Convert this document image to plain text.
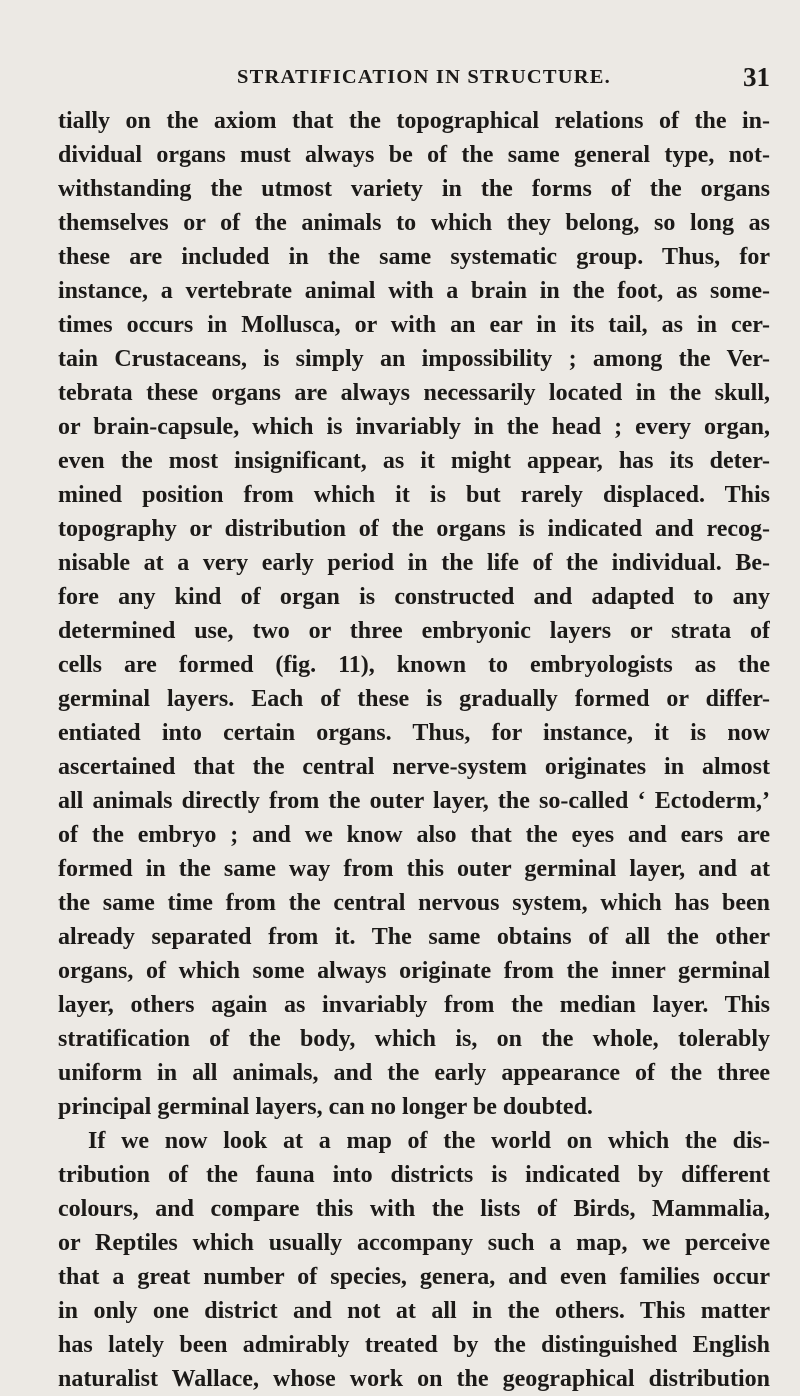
STRATIFICATION IN STRUCTURE.	31
tially on the axiom that the topographical relations of the in-
dividual organs must always be of the same general type, not-
withstanding the utmost variety in the forms of the organs
themselves or of the animals to which they belong, so long as
these are included in the same systematic group. Thus, for
instance, a vertebrate animal with a brain in the foot, as some-
times occurs in Mollusca, or with an ear in its tail, as in cer-
tain Crustaceans, is simply an impossibility ; among the Ver-
tebrata these organs are always necessarily located in the skull,
or brain-capsule, which is invariably in the head ; every organ,
even the most insignificant, as it might appear, has its deter-
mined position from which it is but rarely displaced. This
topography or distribution of the organs is indicated and recog-
nisable at a very early period in the life of the individual. Be-
fore any kind of organ is constructed and adapted to any
determined use, two or three embryonic layers or strata of
cells are formed (fig. 11), known to embryologists as the
germinal layers. Each of these is gradually formed or differ-
entiated into certain organs. Thus, for instance, it is now
ascertained that the central nerve-system originates in almost
all animals directly from the outer layer, the so-called ‘ Ectoderm,’
of the embryo ; and we know also that the eyes and ears are
formed in the same way from this outer germinal layer, and at
the same time from the central nervous system, which has been
already separated from it. The same obtains of all the other
organs, of which some always originate from the inner germinal
layer, others again as invariably from the median layer. This
stratification of the body, which is, on the whole, tolerably
uniform in all animals, and the early appearance of the three
principal germinal layers, can no longer be doubted.
If we now look at a map of the world on which the dis-
tribution of the fauna into districts is indicated by different
colours, and compare this with the lists of Birds, Mammalia,
or Reptiles which usually accompany such a map, we perceive
that a great number of species, genera, and even families occur
in only one district and not at all in the others. This matter
has lately been admirably treated by the distinguished English
naturalist Wallace, whose work on the geographical distribution
